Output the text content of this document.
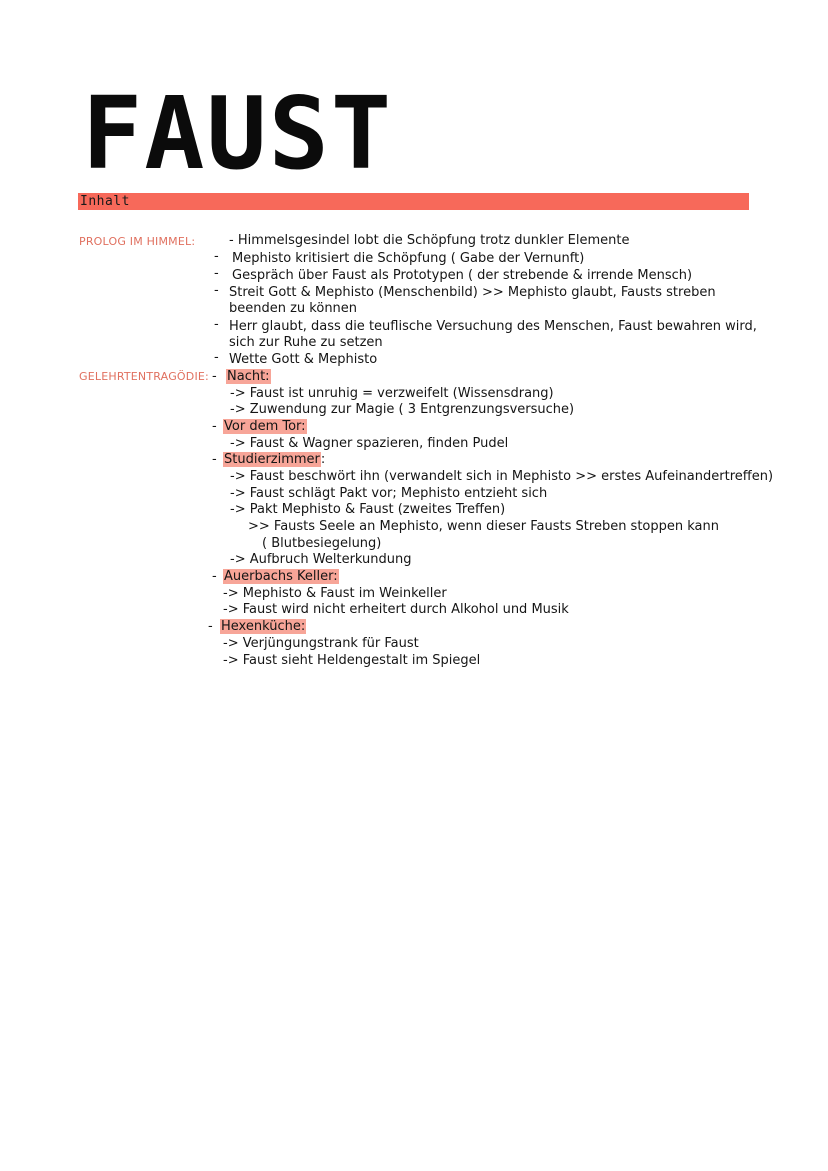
FAUST
Inhalt
PROLOG IM HIMMEL:	- Himmelsgesindel lobt die Schöpfung trotz dunkler Elemente
- Mephisto kritisiert die Schöpfung ( Gabe der Vernunft)
- Gespräch über Faust als Prototypen ( der strebende & irrende Mensch)
- Streit Gott & Mephisto (Menschenbild) >> Mephisto glaubt, Fausts streben
beenden zu können
- Herr glaubt, dass die teuflische Versuchung des Menschen, Faust bewahren wird,
sich zur Ruhe zu setzen
- Wette Gott & Mephisto
GELEHRTENTRAGÖDIE: - Nacht:
-> Faust ist unruhig = verzweifelt (Wissensdrang)
-> Zuwendung zur Magie ( 3 Entgrenzungsversuche)
- Vor dem Tor:
-> Faust & Wagner spazieren, finden Pudel
- Studierzimmer:
-> Faust beschwört ihn (verwandelt sich in Mephisto >> erstes Aufeinandertreffen)
-> Faust schlägt Pakt vor; Mephisto entzieht sich
-> Pakt Mephisto & Faust (zweites Treffen)
>> Fausts Seele an Mephisto, wenn dieser Fausts Streben stoppen kann
( Blutbesiegelung)
-> Aufbruch Welterkundung
- Auerbachs Keller:
-> Mephisto & Faust im Weinkeller
-> Faust wird nicht erheitert durch Alkohol und Musik
- Hexenküche:
-> Verjüngungstrank für Faust
-> Faust sieht Heldengestalt im Spiegel
